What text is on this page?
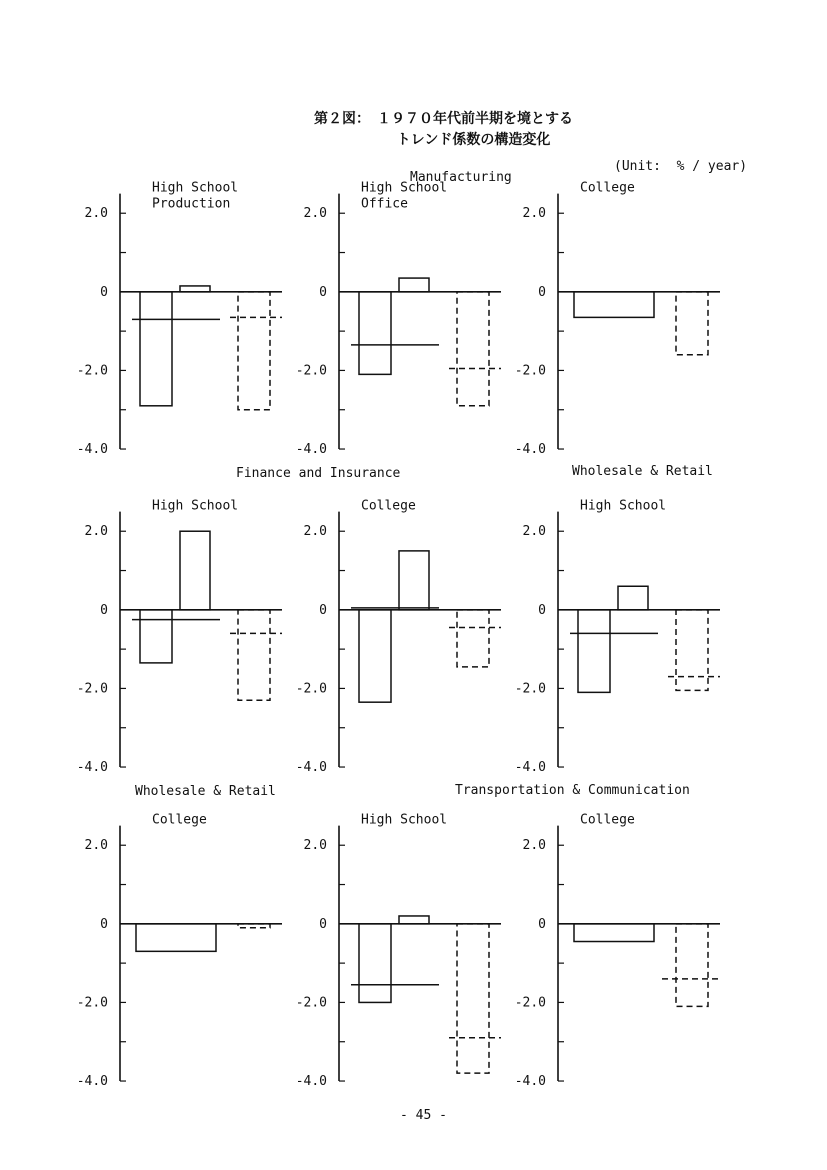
第２図：　１９７０年代前半期を境とする
トレンド係数の構造変化
(Unit:  % / year)
Manufacturing
Finance and Insurance	Wholesale & Retail
Wholesale & Retail	Transportation & Communication
High School
Production
2.0
0
-2.0
-4.0
High School
Office
2.0
0
-2.0
-4.0
College
2.0
0
-2.0
-4.0
High School
2.0
0
-2.0
-4.0
College
2.0
0
-2.0
-4.0
High School
2.0
0
-2.0
-4.0
College
2.0
0
-2.0
-4.0
High School
2.0
0
-2.0
-4.0
College
2.0
0
-2.0
-4.0
- 45 -
